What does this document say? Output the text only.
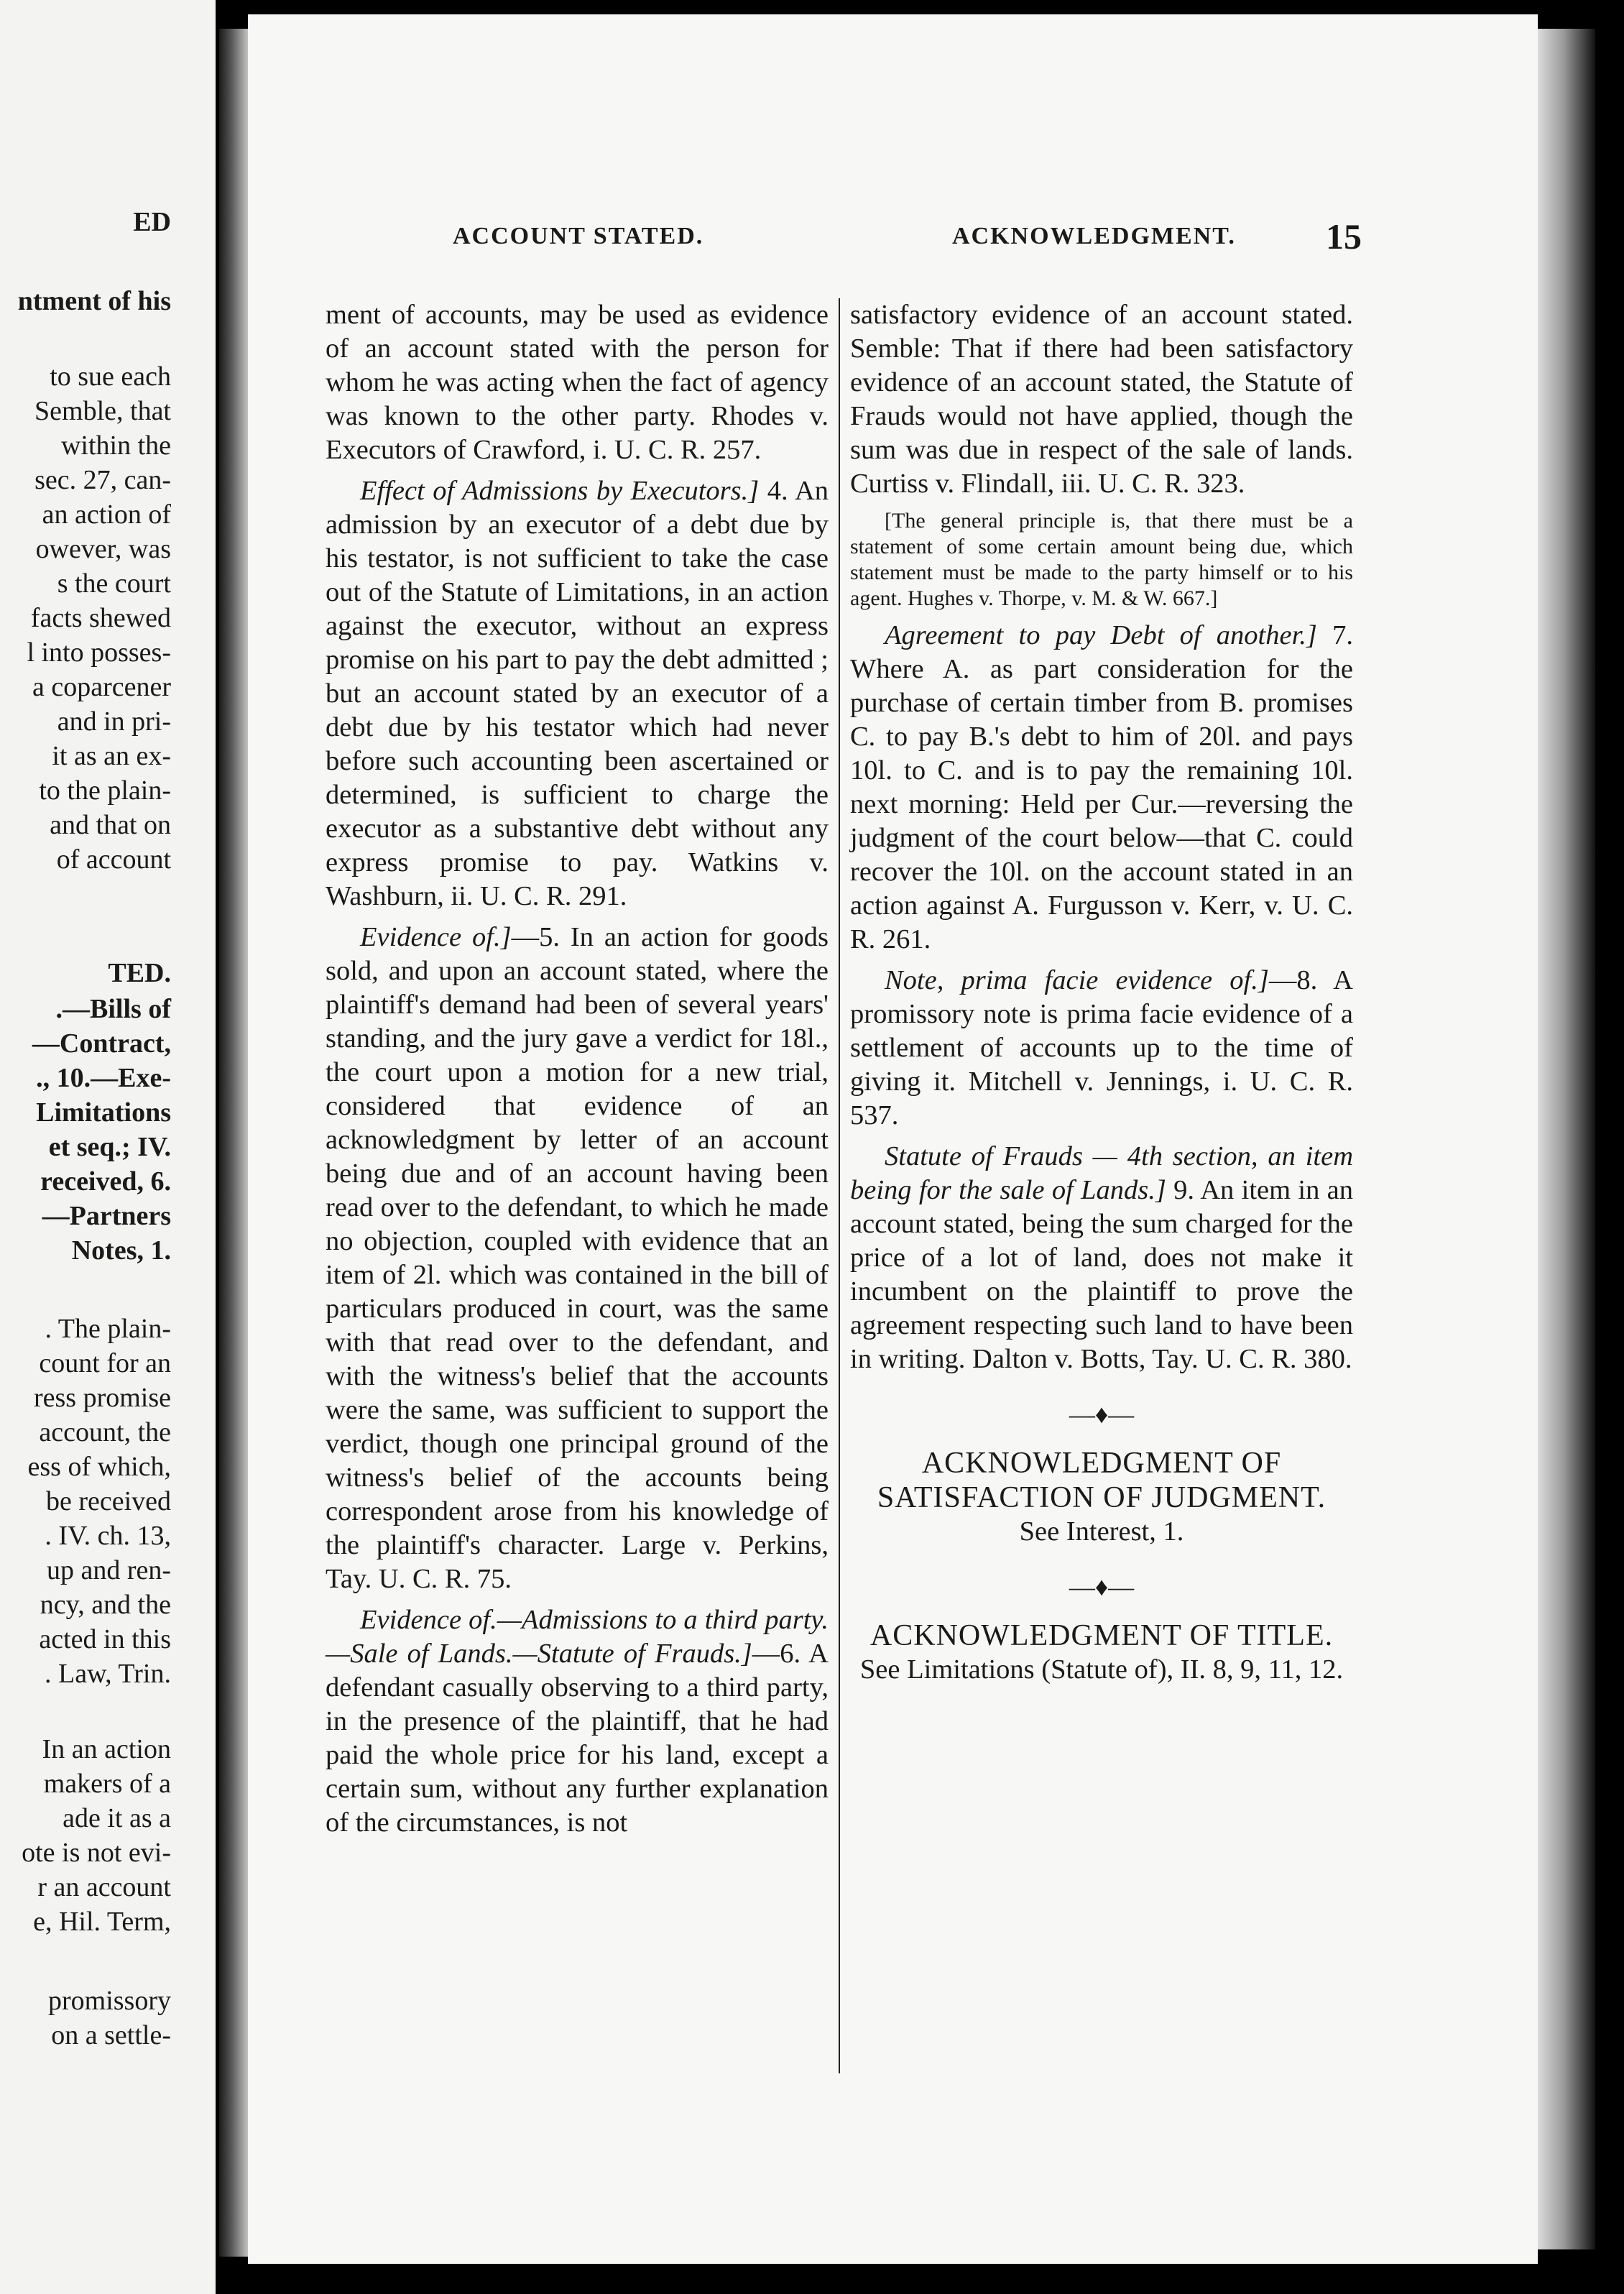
ED
ntment of his
to sue each
Semble, that
within the
sec. 27, can-
an action of
owever, was
s the court
facts shewed
l into posses-
a coparcener
and in pri-
it as an ex-
to the plain-
and that on
of account
TED.
.—Bills of
—Contract,
., 10.—Exe-
Limitations
et seq.; IV.
received, 6.
—Partners
Notes, 1.
. The plain-
count for an
ress promise
account, the
ess of which,
be received
. IV. ch. 13,
up and ren-
ncy, and the
acted in this
. Law, Trin.
In an action
makers of a
ade it as a
ote is not evi-
r an account
e, Hil. Term,
promissory
on a settle-
ACCOUNT STATED.	ACKNOWLEDGMENT.	15

ment of accounts, may be used as evidence of an account stated with the person for whom he was acting when the fact of agency was known to the other party. Rhodes v. Executors of Crawford, i. U. C. R. 257.

Effect of Admissions by Executors.] 4. An admission by an executor of a debt due by his testator, is not sufficient to take the case out of the Statute of Limitations, in an action against the executor, without an express promise on his part to pay the debt admitted ; but an account stated by an executor of a debt due by his testator which had never before such accounting been ascertained or determined, is sufficient to charge the executor as a substantive debt without any express promise to pay. Watkins v. Washburn, ii. U. C. R. 291.

Evidence of.]—5. In an action for goods sold, and upon an account stated, where the plaintiff's demand had been of several years' standing, and the jury gave a verdict for 18l., the court upon a motion for a new trial, considered that evidence of an acknowledgment by letter of an account being due and of an account having been read over to the defendant, to which he made no objection, coupled with evidence that an item of 2l. which was contained in the bill of particulars produced in court, was the same with that read over to the defendant, and with the witness's belief that the accounts were the same, was sufficient to support the verdict, though one principal ground of the witness's belief of the accounts being correspondent arose from his knowledge of the plaintiff's character. Large v. Perkins, Tay. U. C. R. 75.

Evidence of.—Admissions to a third party.—Sale of Lands.—Statute of Frauds.]—6. A defendant casually observing to a third party, in the presence of the plaintiff, that he had paid the whole price for his land, except a certain sum, without any further explanation of the circumstances, is not

satisfactory evidence of an account stated. Semble: That if there had been satisfactory evidence of an account stated, the Statute of Frauds would not have applied, though the sum was due in respect of the sale of lands. Curtiss v. Flindall, iii. U. C. R. 323.

[The general principle is, that there must be a statement of some certain amount being due, which statement must be made to the party himself or to his agent. Hughes v. Thorpe, v. M. & W. 667.]

Agreement to pay Debt of another.] 7. Where A. as part consideration for the purchase of certain timber from B. promises C. to pay B.'s debt to him of 20l. and pays 10l. to C. and is to pay the remaining 10l. next morning: Held per Cur.—reversing the judgment of the court below—that C. could recover the 10l. on the account stated in an action against A. Furgusson v. Kerr, v. U. C. R. 261.

Note, prima facie evidence of.]—8. A promissory note is prima facie evidence of a settlement of accounts up to the time of giving it. Mitchell v. Jennings, i. U. C. R. 537.

Statute of Frauds — 4th section, an item being for the sale of Lands.] 9. An item in an account stated, being the sum charged for the price of a lot of land, does not make it incumbent on the plaintiff to prove the agreement respecting such land to have been in writing. Dalton v. Botts, Tay. U. C. R. 380.

—♦—
ACKNOWLEDGMENT OF SATISFACTION OF JUDGMENT.
See Interest, 1.
—♦—
ACKNOWLEDGMENT OF TITLE.
See Limitations (Statute of), II. 8, 9, 11, 12.
